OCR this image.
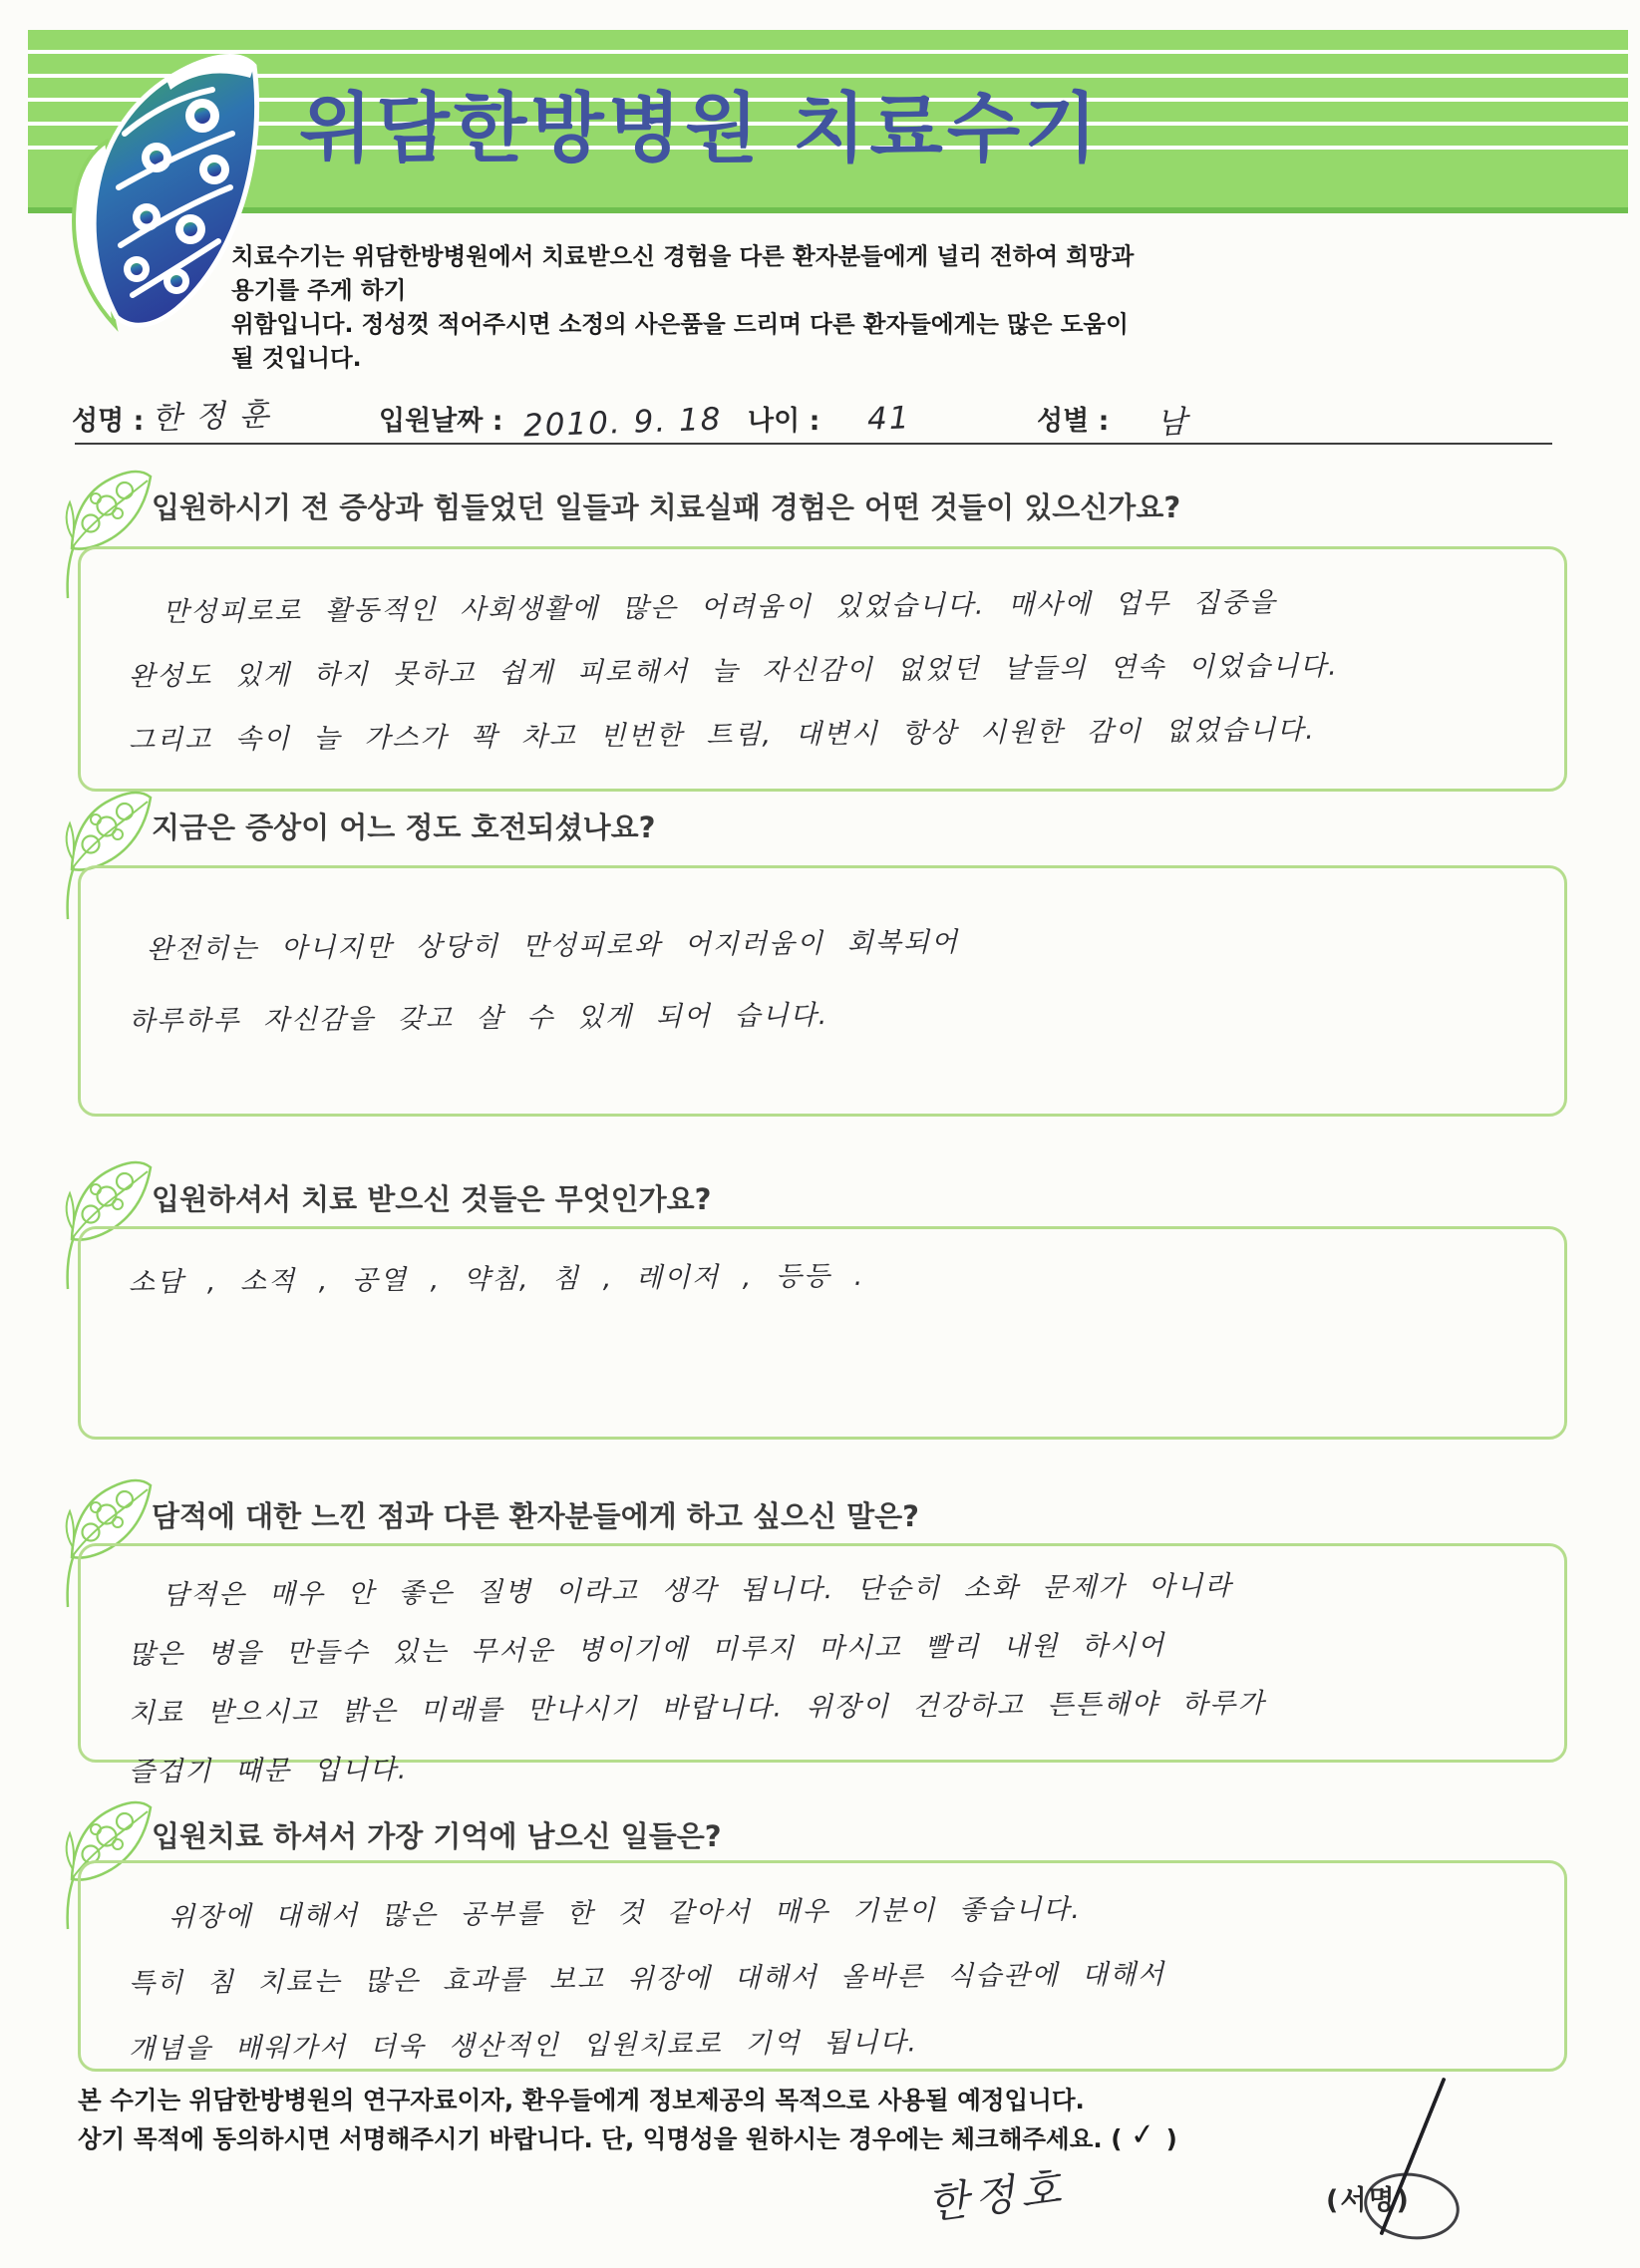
위담한방병원 치료수기
치료수기는 위담한방병원에서 치료받으신 경험을 다른 환자분들에게 널리 전하여 희망과 용기를 주게 하기
위함입니다. 정성껏 적어주시면 소정의 사은품을 드리며 다른 환자들에게는 많은 도움이 될 것입니다.
성명 : 한 정 훈	입원날짜 : 2010. 9. 18 나이 : 41	성별 : 남
입원하시기 전 증상과 힘들었던 일들과 치료실패 경험은 어떤 것들이 있으신가요?
만성피로로 활동적인 사회생활에 많은 어려움이 있었습니다. 매사에 업무 집중을
완성도 있게 하지 못하고 쉽게 피로해서 늘 자신감이 없었던 날들의 연속 이었습니다.
그리고 속이 늘 가스가 꽉 차고 빈번한 트림, 대변시 항상 시원한 감이 없었습니다.
지금은 증상이 어느 정도 호전되셨나요?
완전히는 아니지만 상당히 만성피로와 어지러움이 회복되어
하루하루 자신감을 갖고 살 수 있게 되어 습니다.
입원하셔서 치료 받으신 것들은 무엇인가요?
소담 , 소적 , 공열 , 약침, 침 , 레이저 , 등등 .
담적에 대한 느낀 점과 다른 환자분들에게 하고 싶으신 말은?
담적은 매우 안 좋은 질병 이라고 생각 됩니다. 단순히 소화 문제가 아니라
많은 병을 만들수 있는 무서운 병이기에 미루지 마시고 빨리 내원 하시어
치료 받으시고 밝은 미래를 만나시기 바랍니다. 위장이 건강하고 튼튼해야 하루가
즐겁기 때문 입니다.
입원치료 하셔서 가장 기억에 남으신 일들은?
위장에 대해서 많은 공부를 한 것 같아서 매우 기분이 좋습니다.
특히 침 치료는 많은 효과를 보고 위장에 대해서 올바른 식습관에 대해서
개념을 배워가서 더욱 생산적인 입원치료로 기억 됩니다.
본 수기는 위담한방병원의 연구자료이자, 환우들에게 정보제공의 목적으로 사용될 예정입니다.
상기 목적에 동의하시면 서명해주시기 바랍니다. 단, 익명성을 원하시는 경우에는 체크해주세요. ( ✓ )
한정호	(서명)
